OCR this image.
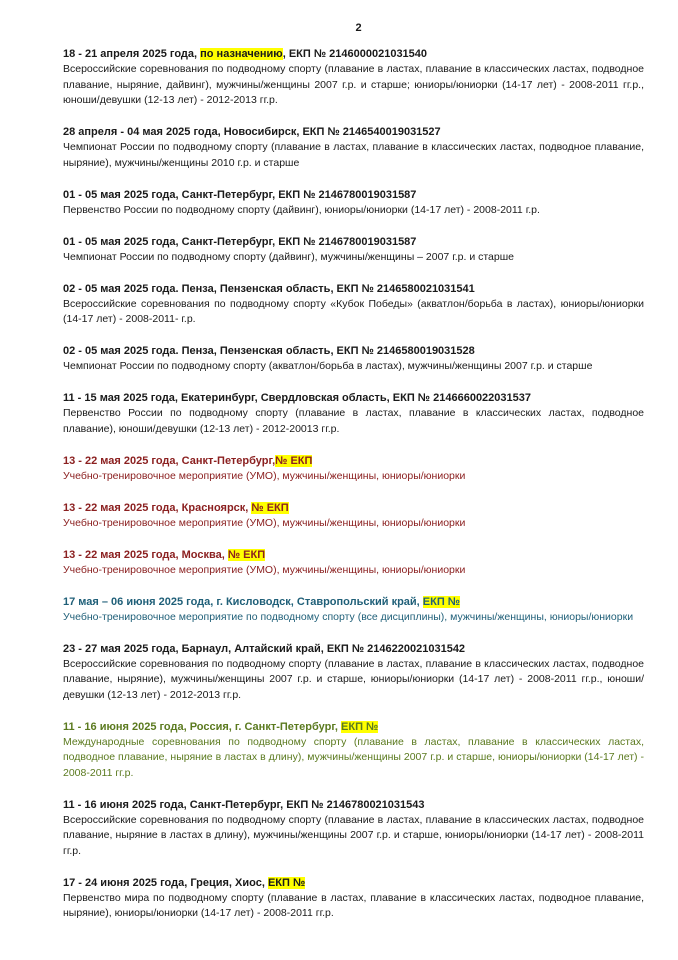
2
18 - 21 апреля 2025 года, по назначению, ЕКП № 2146000021031540
Всероссийские соревнования по подводному спорту (плавание в ластах, плавание в классических ластах, подводное плавание, ныряние, дайвинг), мужчины/женщины 2007 г.р. и старше; юниоры/юниорки (14-17 лет) - 2008-2011 гг.р., юноши/девушки (12-13 лет) - 2012-2013 гг.р.
28 апреля - 04 мая 2025 года, Новосибирск, ЕКП № 2146540019031527
Чемпионат России по подводному спорту (плавание в ластах, плавание в классических ластах, подводное плавание, ныряние), мужчины/женщины 2010 г.р. и старше
01 - 05 мая 2025 года, Санкт-Петербург, ЕКП № 2146780019031587
Первенство России по подводному спорту (дайвинг), юниоры/юниорки (14-17 лет) - 2008-2011 г.р.
01 - 05 мая 2025 года, Санкт-Петербург, ЕКП № 2146780019031587
Чемпионат России по подводному спорту (дайвинг), мужчины/женщины – 2007 г.р. и старше
02 - 05 мая 2025 года. Пенза, Пензенская область, ЕКП № 2146580021031541
Всероссийские соревнования по подводному спорту «Кубок Победы» (акватлон/борьба в ластах), юниоры/юниорки (14-17 лет) - 2008-2011- г.р.
02 - 05 мая 2025 года. Пенза, Пензенская область, ЕКП № 2146580019031528
Чемпионат России по подводному спорту (акватлон/борьба в ластах), мужчины/женщины 2007 г.р. и старше
11 - 15 мая 2025 года, Екатеринбург, Свердловская область, ЕКП № 2146660022031537
Первенство России по подводному спорту (плавание в ластах, плавание в классических ластах, подводное плавание), юноши/девушки (12-13 лет) - 2012-20013 гг.р.
13 - 22 мая 2025 года, Санкт-Петербург,№ ЕКП
Учебно-тренировочное мероприятие (УМО), мужчины/женщины, юниоры/юниорки
13 - 22 мая 2025 года, Красноярск, № ЕКП
Учебно-тренировочное мероприятие (УМО), мужчины/женщины, юниоры/юниорки
13 - 22 мая 2025 года, Москва, № ЕКП
Учебно-тренировочное мероприятие (УМО), мужчины/женщины, юниоры/юниорки
17 мая – 06 июня 2025 года, г. Кисловодск, Ставропольский край, ЕКП №
Учебно-тренировочное мероприятие по подводному спорту (все дисциплины), мужчины/женщины, юниоры/юниорки
23 - 27 мая 2025 года, Барнаул, Алтайский край, ЕКП № 2146220021031542
Всероссийские соревнования по подводному спорту (плавание в ластах, плавание в классических ластах, подводное плавание, ныряние), мужчины/женщины 2007 г.р. и старше, юниоры/юниорки (14-17 лет) - 2008-2011 гг.р., юноши/девушки (12-13 лет) - 2012-2013 гг.р.
11 - 16 июня 2025 года, Россия, г. Санкт-Петербург, ЕКП №
Международные соревнования по подводному спорту (плавание в ластах, плавание в классических ластах, подводное плавание, ныряние в ластах в длину), мужчины/женщины 2007 г.р. и старше, юниоры/юниорки (14-17 лет) - 2008-2011 гг.р.
11 - 16 июня 2025 года, Санкт-Петербург, ЕКП № 2146780021031543
Всероссийские соревнования по подводному спорту (плавание в ластах, плавание в классических ластах, подводное плавание, ныряние в ластах в длину), мужчины/женщины 2007 г.р. и старше, юниоры/юниорки (14-17 лет) - 2008-2011 гг.р.
17 - 24 июня 2025 года, Греция, Хиос, ЕКП №
Первенство мира по подводному спорту (плавание в ластах, плавание в классических ластах, подводное плавание, ныряние), юниоры/юниорки (14-17 лет) - 2008-2011 гг.р.
